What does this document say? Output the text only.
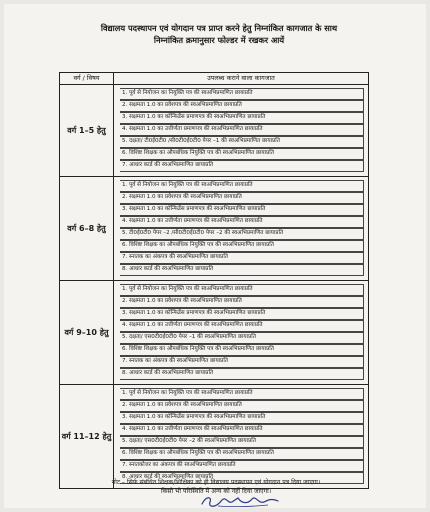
विद्यालय पदस्थापन एवं योगदान पत्र प्राप्त करने हेतु निम्नांकित कागजात के साथ
निम्नांकित क्रमानुसार फोल्डर में रखकर आयें
वर्ग / विषय	उपलब्ध कराने वाला कागजात
वर्ग 1–5 हेतु
1. पूर्व से नियोजन का नियुक्ति पत्र की स्वअभिप्रमाणित छायाप्रति
2. सक्षमता 1.0 का प्रवेशपत्र की स्वअभिप्रमाणित छायाप्रति
3. सक्षमता 1.0 का कॉन्फिडेंस प्रमाणपत्र की स्वअभिप्रमाणित छायाप्रति
4. सक्षमता 1.0 का उत्तीर्णता प्रमाणपत्र की स्वअभिप्रमाणित छायाप्रति
5. दक्षता/ टी0ई0टी0 /सी0टी0ई0टी0 पेपर –1 की स्वअभिप्रमाणित छायाप्रति
6. विशिष्ट शिक्षक का औपबंधिक नियुक्ति पत्र की स्वअभिप्रमाणित छायाप्रति
7. आधार कार्ड की स्वअभिप्रमाणित छायाप्रति
वर्ग 6–8 हेतु
1. पूर्व से नियोजन का नियुक्ति पत्र की स्वअभिप्रमाणित छायाप्रति
2. सक्षमता 1.0 का प्रवेशपत्र की स्वअभिप्रमाणित छायाप्रति
3. सक्षमता 1.0 का कॉन्फिडेंस प्रमाणपत्र की स्वअभिप्रमाणित छायाप्रति
4. सक्षमता 1.0 का उत्तीर्णता प्रमाणपत्र की स्वअभिप्रमाणित छायाप्रति
5. टी0ई0टी0 पेपर –2 /सी0टी0ई0टी0 पेपर –2 की स्वअभिप्रमाणित छायाप्रति
6. विशिष्ट शिक्षक का औपबंधिक नियुक्ति पत्र की स्वअभिप्रमाणित छायाप्रति
7. स्नातक का अंकपत्र की स्वअभिप्रमाणित छायाप्रति
8. आधार कार्ड की स्वअभिप्रमाणित छायाप्रति
वर्ग 9–10 हेतु
1. पूर्व से नियोजन का नियुक्ति पत्र की स्वअभिप्रमाणित छायाप्रति
2. सक्षमता 1.0 का प्रवेशपत्र की स्वअभिप्रमाणित छायाप्रति
3. सक्षमता 1.0 का कॉन्फिडेंस प्रमाणपत्र की स्वअभिप्रमाणित छायाप्रति
4. सक्षमता 1.0 का उत्तीर्णता प्रमाणपत्र की स्वअभिप्रमाणित छायाप्रति
5. दक्षता/ एस0टी0ई0टी0 पेपर –1 की स्वअभिप्रमाणित छायाप्रति
6. विशिष्ट शिक्षक का औपबंधिक नियुक्ति पत्र की स्वअभिप्रमाणित छायाप्रति
7. स्नातक का अंकपत्र की स्वअभिप्रमाणित छायाप्रति
8. आधार कार्ड की स्वअभिप्रमाणित छायाप्रति
वर्ग 11–12 हेतु
1. पूर्व से नियोजन का नियुक्ति पत्र की स्वअभिप्रमाणित छायाप्रति
2. सक्षमता 1.0 का प्रवेशपत्र की स्वअभिप्रमाणित छायाप्रति
3. सक्षमता 1.0 का कॉन्फिडेंस प्रमाणपत्र की स्वअभिप्रमाणित छायाप्रति
4. सक्षमता 1.0 का उत्तीर्णता प्रमाणपत्र की स्वअभिप्रमाणित छायाप्रति
5. दक्षता/ एस0टी0ई0टी0 पेपर –2 की स्वअभिप्रमाणित छायाप्रति
6. विशिष्ट शिक्षक का औपबंधिक नियुक्ति पत्र की स्वअभिप्रमाणित छायाप्रति
7. स्नातकोत्तर का अंकपत्र की स्वअभिप्रमाणित छायाप्रति
8. आधार कार्ड की स्वअभिप्रमाणित छायाप्रति
नोट – सिर्फ संबंधित शिक्षक/शिक्षिका को ही विद्यालय पदस्थापन एवं योगदान पत्र दिया जाएगा।
किसी भी परिस्थिति में अन्य को नहीं दिया जाएगा।
